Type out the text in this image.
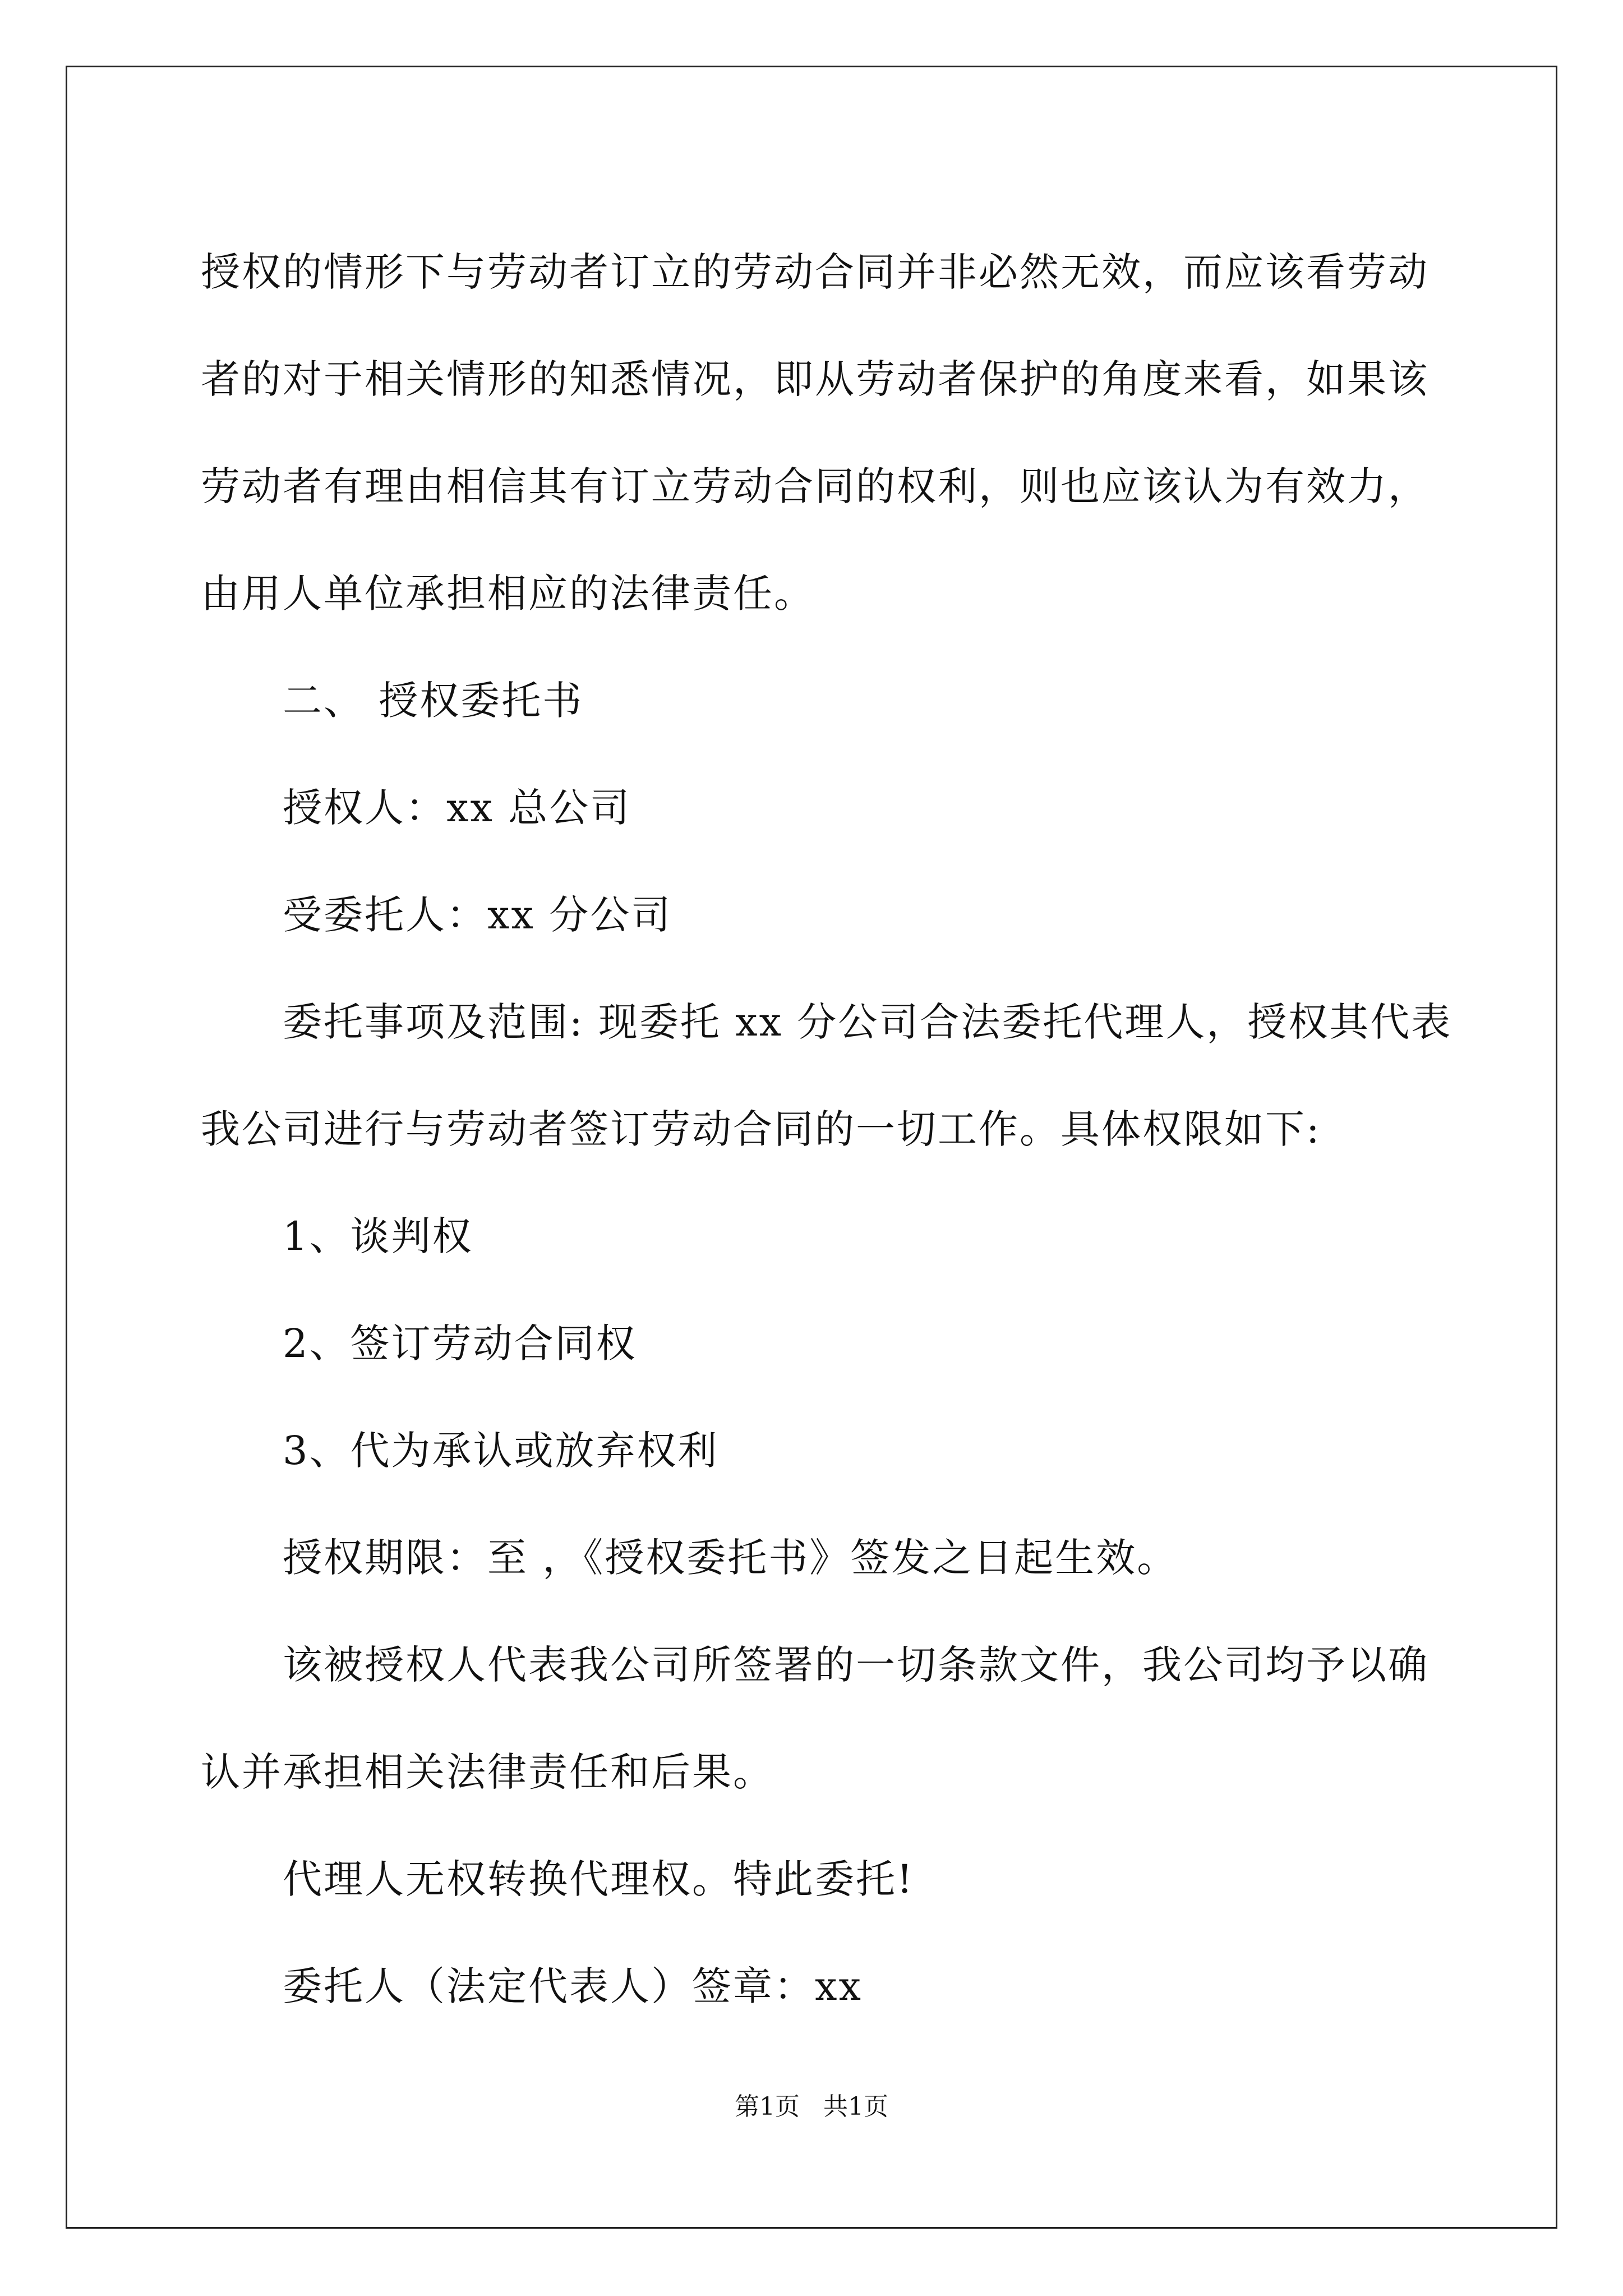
授权的情形下与劳动者订立的劳动合同并非必然无效，而应该看劳动
者的对于相关情形的知悉情况，即从劳动者保护的角度来看，如果该
劳动者有理由相信其有订立劳动合同的权利，则也应该认为有效力，
由用人单位承担相应的法律责任。
二、 授权委托书
授权人：xx 总公司
受委托人：xx 分公司
委托事项及范围: 现委托 xx 分公司合法委托代理人，授权其代表
我公司进行与劳动者签订劳动合同的一切工作。具体权限如下:
1、谈判权
2、签订劳动合同权
3、代为承认或放弃权利
授权期限：至 ，《授权委托书》签发之日起生效。
该被授权人代表我公司所签署的一切条款文件，我公司均予以确
认并承担相关法律责任和后果。
代理人无权转换代理权。特此委托!
委托人（法定代表人）签章：xx
第1页   共1页
